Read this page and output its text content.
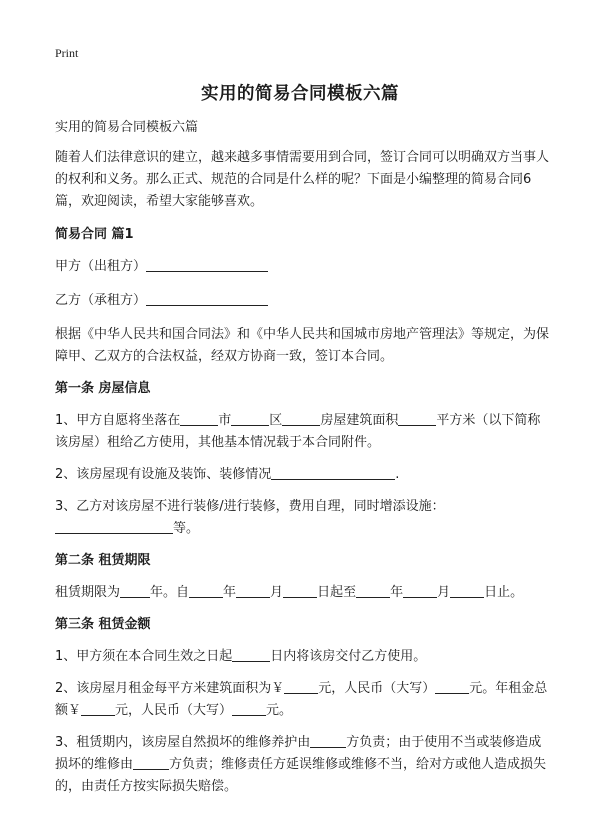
Print
实用的简易合同模板六篇

实用的简易合同模板六篇

随着人们法律意识的建立，越来越多事情需要用到合同，签订合同可以明确双方当事人的权利和义务。那么正式、规范的合同是什么样的呢？下面是小编整理的简易合同6篇，欢迎阅读，希望大家能够喜欢。

简易合同 篇1

甲方（出租方）

乙方（承租方）

根据《中华人民共和国合同法》和《中华人民共和国城市房地产管理法》等规定，为保障甲、乙双方的合法权益，经双方协商一致，签订本合同。

第一条 房屋信息

1、甲方自愿将坐落在	市	区	房屋建筑面积	平方米（以下简称该房屋）租给乙方使用，其他基本情况载于本合同附件。

2、该房屋现有设施及装饰、装修情况	.

3、乙方对该房屋不进行装修/进行装修，费用自理，同时增添设施：
等。

第二条 租赁期限

租赁期限为 年。自	年	月	日起至	年	月	日止。

第三条 租赁金额

1、甲方须在本合同生效之日起	日内将该房交付乙方使用。

2、该房屋月租金每平方米建筑面积为￥	元，人民币（大写）	元。年租金总额￥	元，人民币（大写）	元。

3、租赁期内，该房屋自然损坏的维修养护由	方负责；由于使用不当或装修造成损坏的维修由	方负责；维修责任方延误维修或维修不当，给对方或他人造成损失的，由责任方按实际损失赔偿。
